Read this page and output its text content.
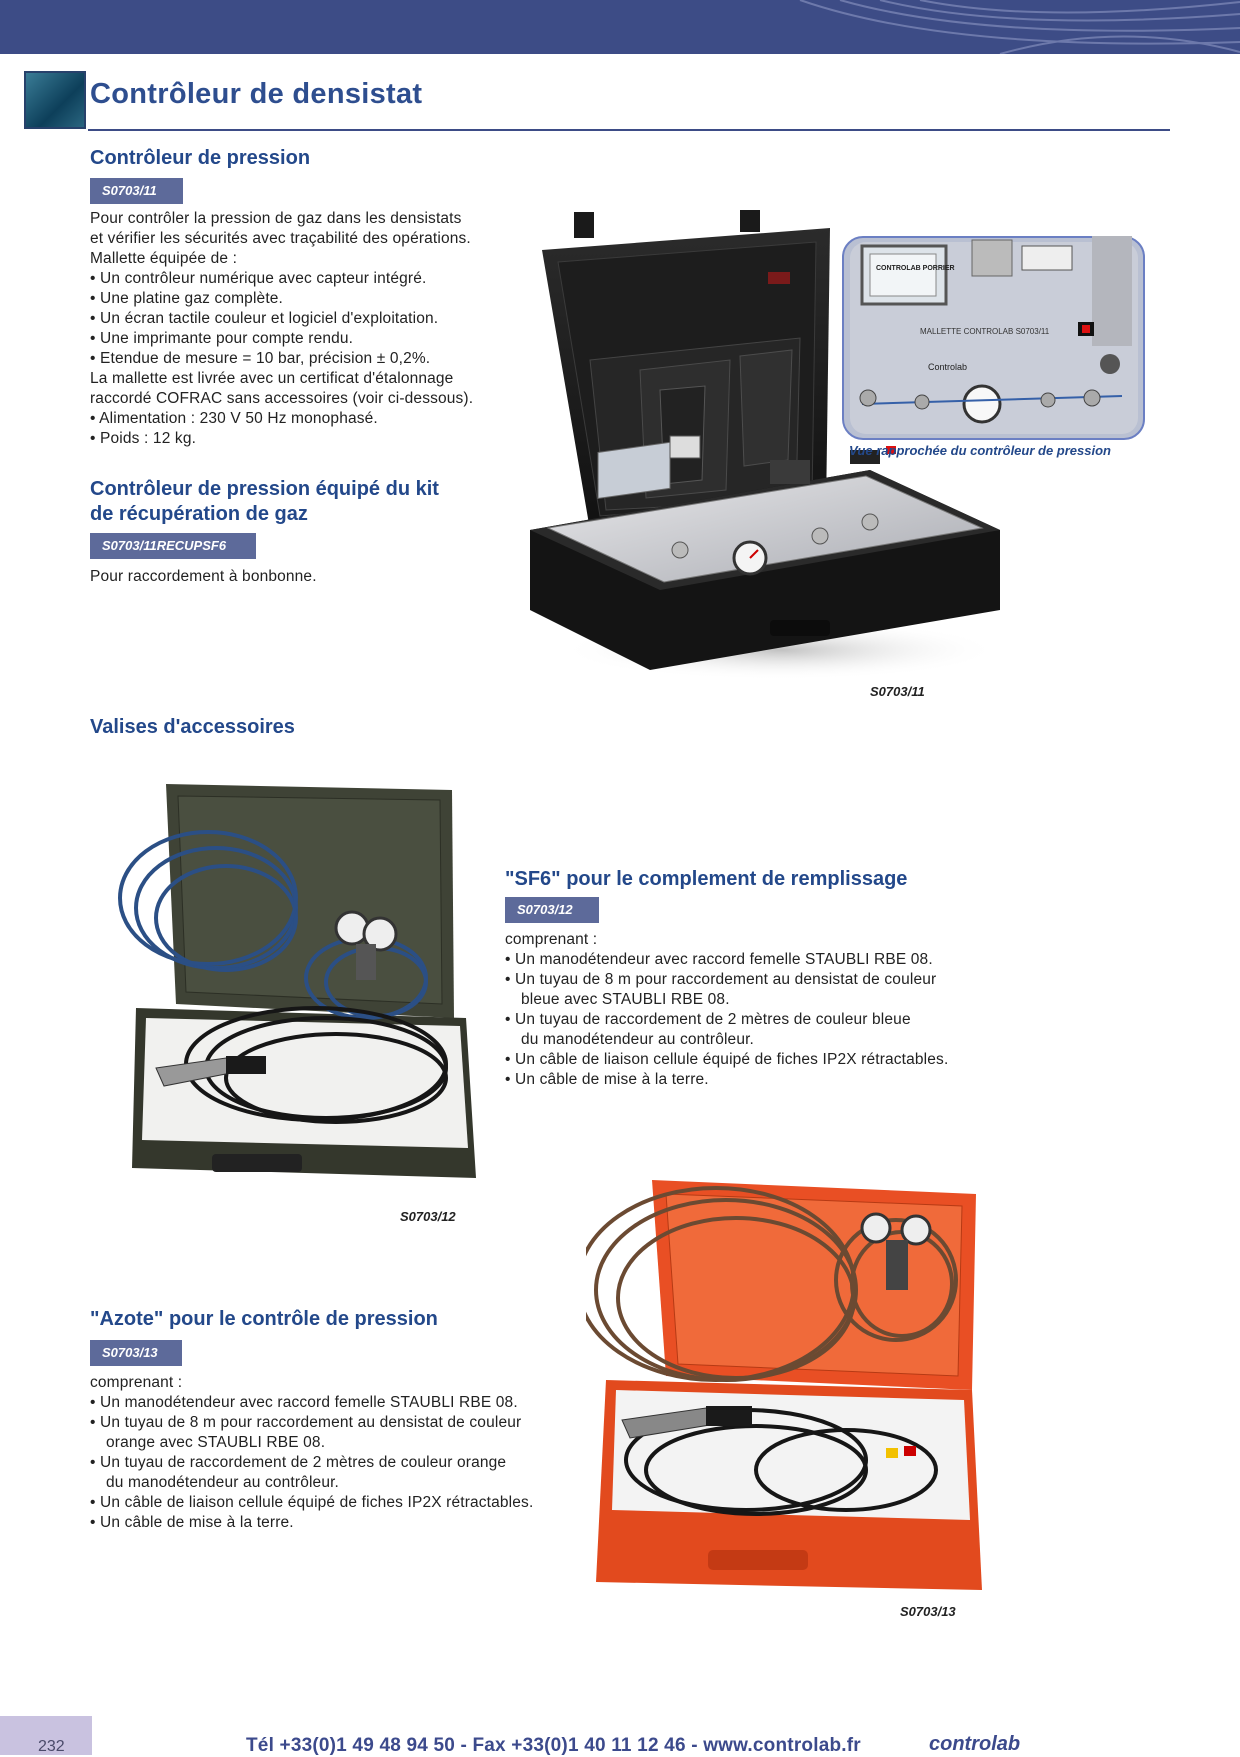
Contrôleur de densistat
Contrôleur de pression
S0703/11
Pour contrôler la pression de gaz dans les densistats
et vérifier les sécurités avec traçabilité des opérations.
Mallette équipée de :
• Un contrôleur numérique avec capteur intégré.
• Une platine gaz complète.
• Un écran tactile couleur et logiciel d'exploitation.
• Une imprimante pour compte rendu.
• Etendue de mesure = 10 bar, précision ± 0,2%.
La mallette est livrée avec un certificat d'étalonnage
raccordé COFRAC sans accessoires (voir ci-dessous).
• Alimentation : 230 V 50 Hz monophasé.
• Poids : 12 kg.
Contrôleur de pression équipé du kit
de récupération de gaz
S0703/11RECUPSF6
Pour raccordement à bonbonne.
S0703/11
CONTROLAB PORRIER
MALLETTE CONTROLAB S0703/11
Controlab
Vue rapprochée du contrôleur de pression
Valises d'accessoires
S0703/12
"SF6" pour le complement de remplissage
S0703/12
comprenant :
• Un manodétendeur avec raccord femelle STAUBLI RBE 08.
• Un tuyau de 8 m pour raccordement au densistat de couleur
bleue avec STAUBLI RBE 08.
• Un tuyau de raccordement de 2 mètres de couleur bleue
du manodétendeur au contrôleur.
• Un câble de liaison cellule équipé de fiches IP2X rétractables.
• Un câble de mise à la terre.
S0703/13
"Azote" pour le contrôle de pression
S0703/13
comprenant :
• Un manodétendeur avec raccord femelle STAUBLI RBE 08.
• Un tuyau de 8 m pour raccordement au densistat de couleur
orange avec STAUBLI RBE 08.
• Un tuyau de raccordement de 2 mètres de couleur orange
du manodétendeur au contrôleur.
• Un câble de liaison cellule équipé de fiches IP2X rétractables.
• Un câble de mise à la terre.
232	Tél +33(0)1 49 48 94 50 - Fax +33(0)1 40 11 12 46 - www.controlab.fr	controlab
